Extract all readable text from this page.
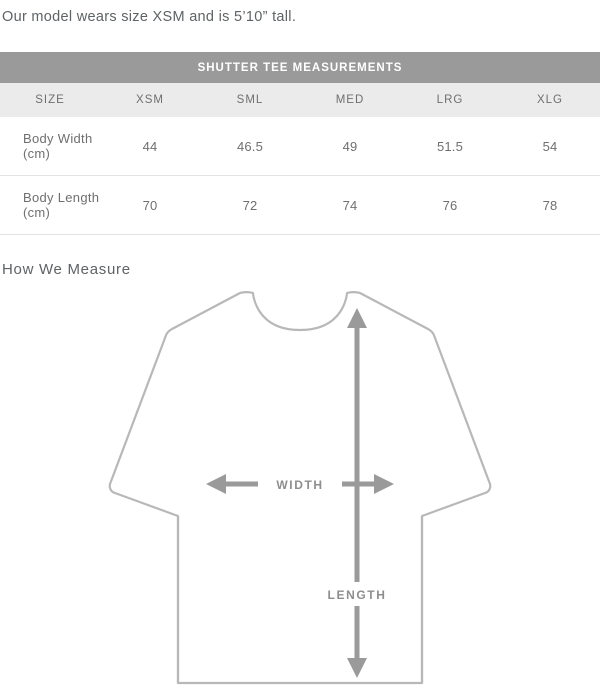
Our model wears size XSM and is 5’10” tall.
SHUTTER TEE MEASUREMENTS					
SIZE	XSM	SML	MED	LRG	XLG
Body Width (cm)	44	46.5	49	51.5	54
Body Length (cm)	70	72	74	76	78
How We Measure
WIDTH
LENGTH
